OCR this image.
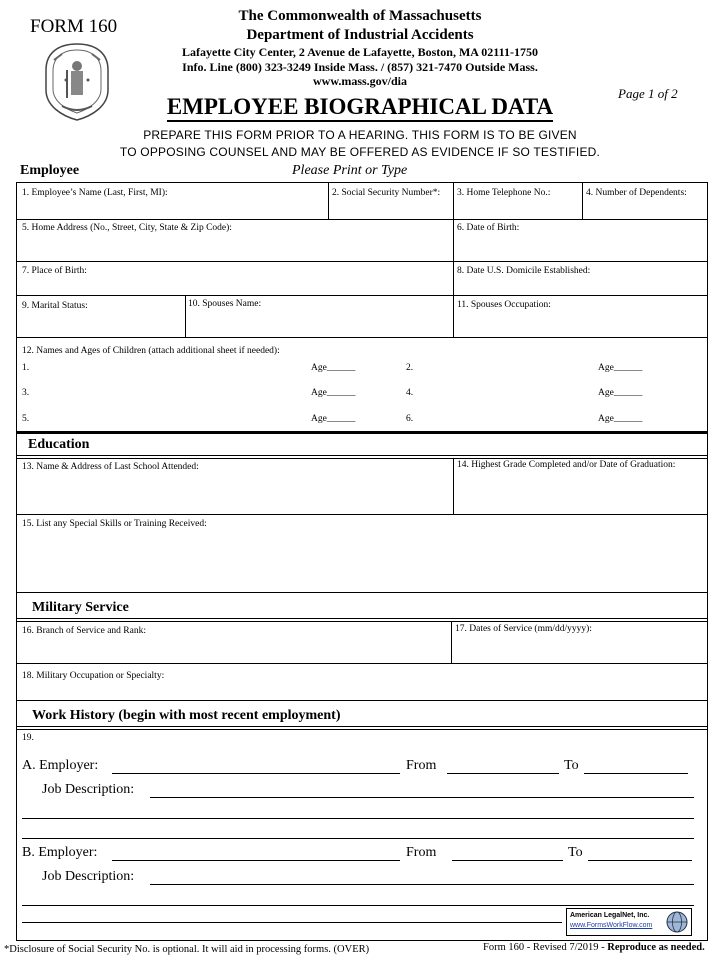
FORM 160	The Commonwealth of Massachusetts
Department of Industrial Accidents
Lafayette City Center, 2 Avenue de Lafayette, Boston, MA 02111-1750
Info. Line (800) 323-3249 Inside Mass. / (857) 321-7470 Outside Mass.
www.mass.gov/dia
Page 1 of 2
EMPLOYEE BIOGRAPHICAL DATA
PREPARE THIS FORM PRIOR TO A HEARING. THIS FORM IS TO BE GIVEN
TO OPPOSING COUNSEL AND MAY BE OFFERED AS EVIDENCE IF SO TESTIFIED.
Employee	Please Print or Type
1. Employee’s Name (Last, First, MI):	2. Social Security Number*: 3. Home Telephone No.:	4. Number of Dependents:
5. Home Address (No., Street, City, State & Zip Code):	6. Date of Birth:
7. Place of Birth:	8. Date U.S. Domicile Established:
9. Marital Status:	10. Spouses Name:	11. Spouses Occupation:
12. Names and Ages of Children (attach additional sheet if needed):
1.	Age______	2.	Age______
3.	Age______	4.	Age______
5.	Age______	6.	Age______
Education
13. Name & Address of Last School Attended:	14. Highest Grade Completed and/or Date of Graduation:
15. List any Special Skills or Training Received:
Military Service
16. Branch of Service and Rank:	17. Dates of Service (mm/dd/yyyy):
18. Military Occupation or Specialty:
Work History (begin with most recent employment)
19.
A. Employer:	From	To
Job Description:
B. Employer:	From	To
Job Description:
American LegalNet, Inc.
www.FormsWorkFlow.com
*Disclosure of Social Security No. is optional. It will aid in processing forms. (OVER)	Form 160 - Revised 7/2019 - Reproduce as needed.
